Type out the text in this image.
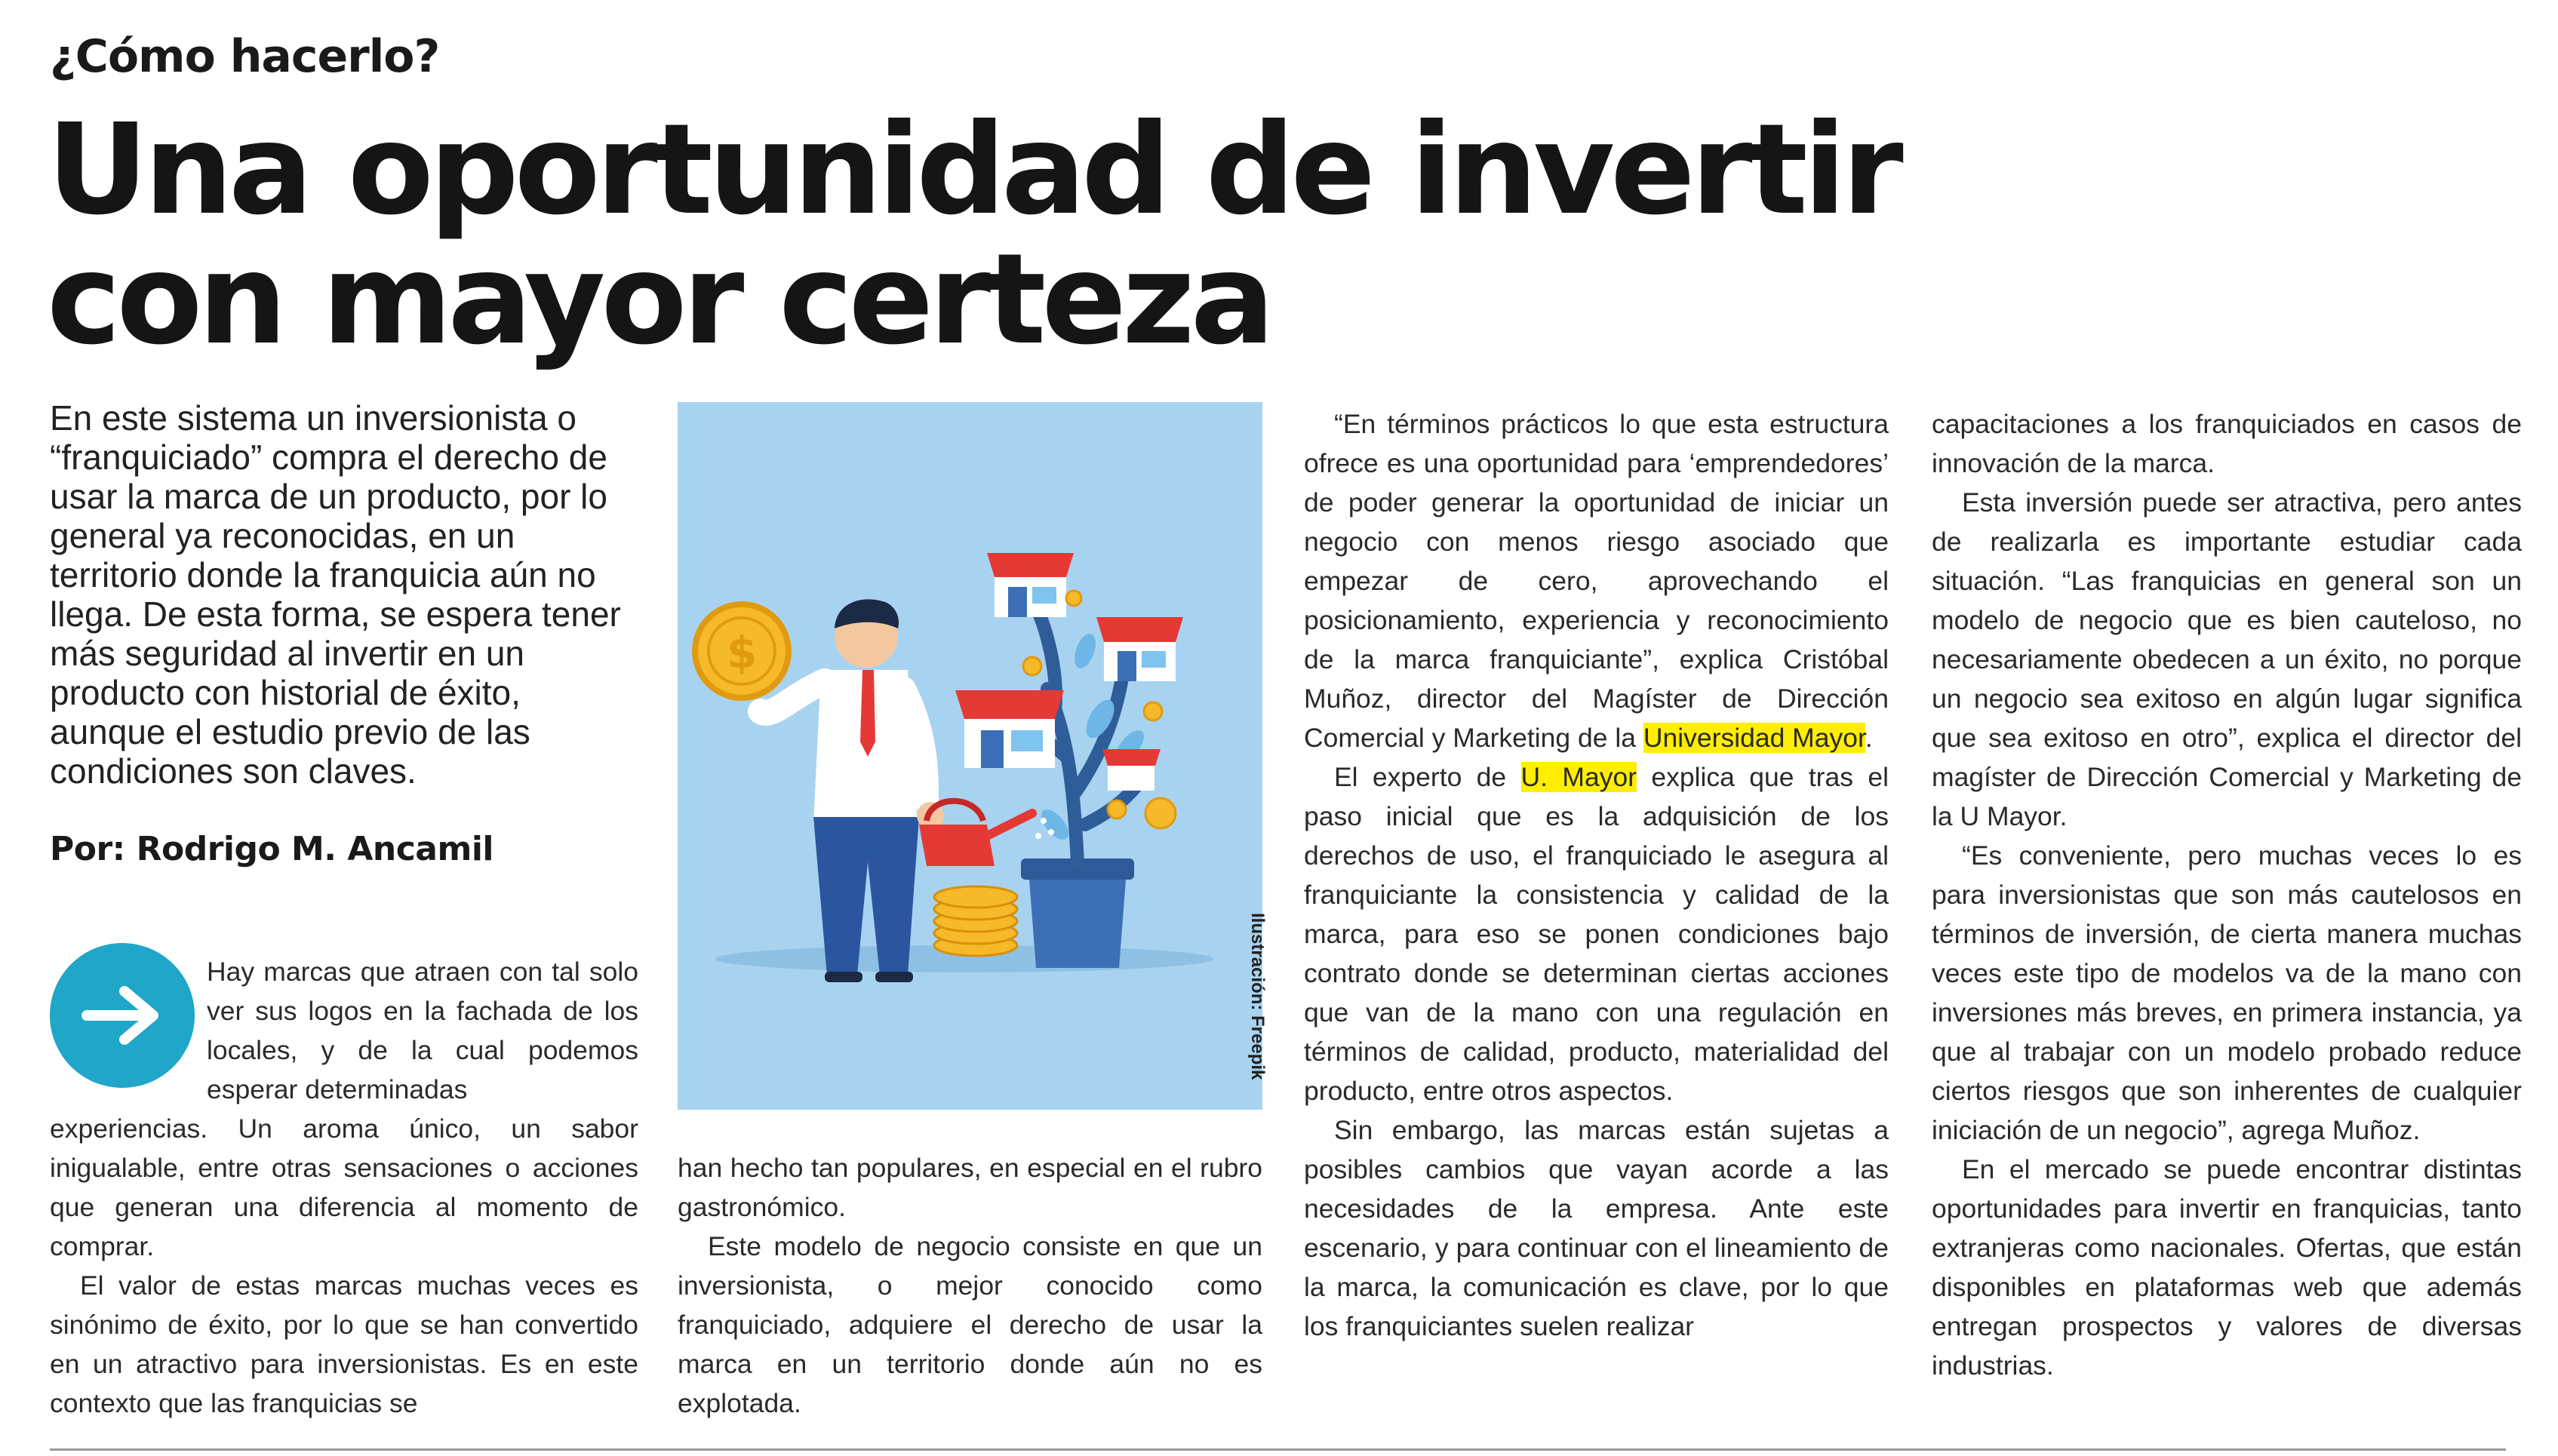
¿Cómo hacerlo?
Una oportunidad de invertir
con mayor certeza
En este sistema un inversionista o “franquiciado” compra el derecho de usar la marca de un producto, por lo general ya reconocidas, en un territorio donde la franquicia aún no llega. De esta forma, se espera tener más seguridad al invertir en un producto con historial de éxito, aunque el estudio previo de las condiciones son claves.
Por: Rodrigo M. Ancamil

Hay marcas que atraen con tal solo ver sus logos en la fachada de los locales, y de la cual podemos esperar determinadas

experiencias. Un aroma único, un sabor inigualable, entre otras sensaciones o acciones que generan una diferencia al momento de comprar.

El valor de estas marcas muchas veces es sinónimo de éxito, por lo que se han convertido en un atractivo para inversionistas. Es en este contexto que las franquicias se

$
Ilustración: Freepik

han hecho tan populares, en especial en el rubro gastronómico.

Este modelo de negocio consiste en que un inversionista, o mejor conocido como franquiciado, adquiere el derecho de usar la marca en un territorio donde aún no es explotada.

“En términos prácticos lo que esta estructura ofrece es una oportunidad para ‘emprendedores’ de poder generar la oportunidad de iniciar un negocio con menos riesgo asociado que empezar de cero, aprovechando el posicionamiento, experiencia y reconocimiento de la marca franquiciante”, explica Cristóbal Muñoz, director del Magíster de Dirección Comercial y Marketing de la Universidad Mayor.

El experto de U. Mayor explica que tras el paso inicial que es la adquisición de los derechos de uso, el franquiciado le asegura al franquiciante la consistencia y calidad de la marca, para eso se ponen condiciones bajo contrato donde se determinan ciertas acciones que van de la mano con una regulación en términos de calidad, producto, materialidad del producto, entre otros aspectos.

Sin embargo, las marcas están sujetas a posibles cambios que vayan acorde a las necesidades de la empresa. Ante este escenario, y para continuar con el lineamiento de la marca, la comunicación es clave, por lo que los franquiciantes suelen realizar

capacitaciones a los franquiciados en casos de innovación de la marca.

Esta inversión puede ser atractiva, pero antes de realizarla es importante estudiar cada situación. “Las franquicias en general son un modelo de negocio que es bien cauteloso, no necesariamente obedecen a un éxito, no porque un negocio sea exitoso en algún lugar significa que sea exitoso en otro”, explica el director del magíster de Dirección Comercial y Marketing de la U Mayor.

“Es conveniente, pero muchas veces lo es para inversionistas que son más cautelosos en términos de inversión, de cierta manera muchas veces este tipo de modelos va de la mano con inversiones más breves, en primera instancia, ya que al trabajar con un modelo probado reduce ciertos riesgos que son inherentes de cualquier iniciación de un negocio”, agrega Muñoz.

En el mercado se puede encontrar distintas oportunidades para invertir en franquicias, tanto extranjeras como nacionales. Ofertas, que están disponibles en plataformas web que además entregan prospectos y valores de diversas industrias.
